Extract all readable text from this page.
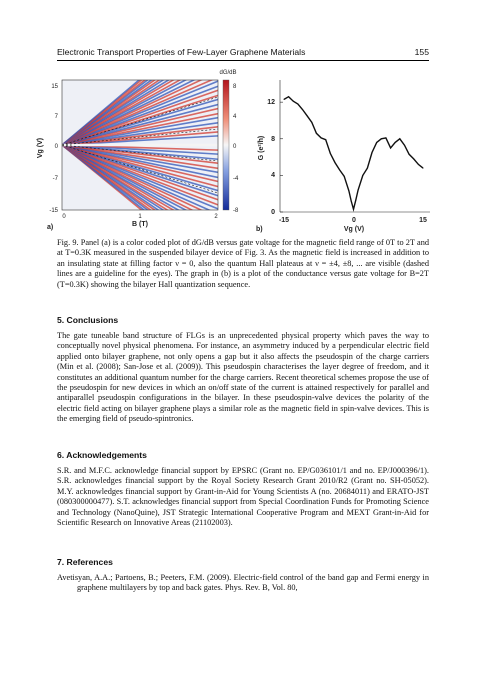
Electronic Transport Properties of Few-Layer Graphene Materials	155
dG/dB
8
4
0
-4
-8
15
7
0
-7
-15
Vg (V)
0	1	2
B (T)
a)
12
8
4
0
G (e²/h)
-15	0	15
Vg (V)
b)
Fig. 9. Panel (a) is a color coded plot of dG/dB versus gate voltage for the magnetic field range of 0T to 2T and at T=0.3K measured in the suspended bilayer device of Fig. 3. As the magnetic field is increased in addition to an insulating state at filling factor ν = 0, also the quantum Hall plateaus at ν = ±4, ±8, ... are visible (dashed lines are a guideline for the eyes). The graph in (b) is a plot of the conductance versus gate voltage for B=2T (T=0.3K) showing the bilayer Hall quantization sequence.
5. Conclusions
The gate tuneable band structure of FLGs is an unprecedented physical property which paves the way to conceptually novel physical phenomena. For instance, an asymmetry induced by a perpendicular electric field applied onto bilayer graphene, not only opens a gap but it also affects the pseudospin of the charge carriers (Min et al. (2008); San-Jose et al. (2009)). This pseudospin characterises the layer degree of freedom, and it constitutes an additional quantum number for the charge carriers. Recent theoretical schemes propose the use of the pseudospin for new devices in which an on/off state of the current is attained respectively for parallel and antiparallel pseudospin configurations in the bilayer. In these pseudospin-valve devices the polarity of the electric field acting on bilayer graphene plays a similar role as the magnetic field in spin-valve devices. This is the emerging field of pseudo-spintronics.
6. Acknowledgements
S.R. and M.F.C. acknowledge financial support by EPSRC (Grant no. EP/G036101/1 and no. EP/J000396/1). S.R. acknowledges financial support by the Royal Society Research Grant 2010/R2 (Grant no. SH-05052). M.Y. acknowledges financial support by Grant-in-Aid for Young Scientists A (no. 20684011) and ERATO-JST (080300000477). S.T. acknowledges financial support from Special Coordination Funds for Promoting Science and Technology (NanoQuine), JST Strategic International Cooperative Program and MEXT Grant-in-Aid for Scientific Research on Innovative Areas (21102003).
7. References
Avetisyan, A.A.; Partoens, B.; Peeters, F.M. (2009). Electric-field control of the band gap and Fermi energy in graphene multilayers by top and back gates. Phys. Rev. B, Vol. 80,
